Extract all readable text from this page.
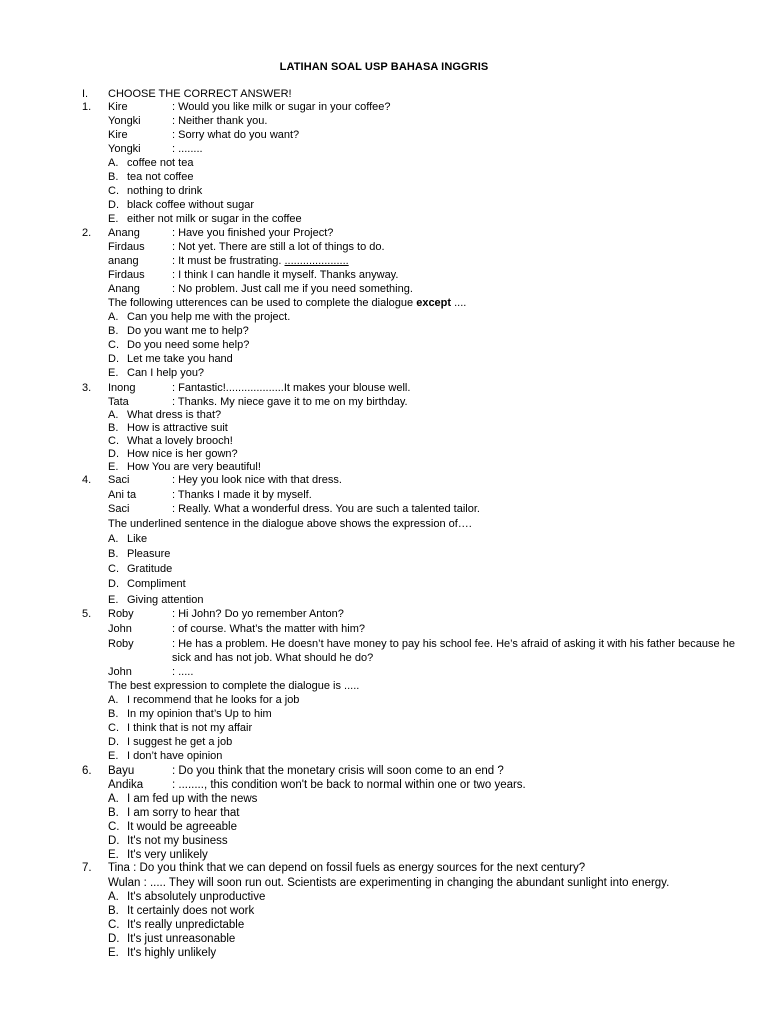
LATIHAN SOAL USP BAHASA INGGRIS
I. CHOOSE THE CORRECT ANSWER!
1. Kire	: Would you like milk or sugar in your coffee?
Yongki	: Neither thank you.
Kire	: Sorry what do you want?
Yongki	: ........
A. coffee not tea
B. tea not coffee
C. nothing to drink
D. black coffee without sugar
E. either not milk or sugar in the coffee
2. Anang	: Have you finished your Project?
Firdaus : Not yet. There are still a lot of things to do.
anang	: It must be frustrating. .....................
Firdaus : I think I can handle it myself. Thanks anyway.
Anang	: No problem. Just call me if you need something.
The following utterences can be used to complete the dialogue except ....
A. Can you help me with the project.
B. Do you want me to help?
C. Do you need some help?
D. Let me take you hand
E. Can I help you?
3. Inong	: Fantastic!...................It makes your blouse well.
Tata	: Thanks. My niece gave it to me on my birthday.
A. What dress is that?
B. How is attractive suit
C. What a lovely brooch!
D. How nice is her gown?
E. How You are very beautiful!
4. Saci	: Hey you look nice with that dress.
Ani ta	: Thanks I made it by myself.
Saci	: Really. What a wonderful dress. You are such a talented tailor.
The underlined sentence in the dialogue above shows the expression of….
A. Like
B. Pleasure
C. Gratitude
D. Compliment
E. Giving attention
5. Roby	: Hi John? Do yo remember Anton?
John	: of course. What’s the matter with him?
Roby	: He has a problem. He doesn’t have money to pay his school fee. He’s afraid of asking it with his father because he
sick and has not job. What should he do?
John	: .....
The best expression to complete the dialogue is .....
A. I recommend that he looks for a job
B. In my opinion that’s Up to him
C. I think that is not my affair
D. I suggest he get a job
E. I don’t have opinion
6. Bayu	: Do you think that the monetary crisis will soon come to an end ?
Andika	: ........, this condition won't be back to normal within one or two years.
A. I am fed up with the news
B. I am sorry to hear that
C. It would be agreeable
D. It's not my business
E. It's very unlikely
7. Tina : Do you think that we can depend on fossil fuels as energy sources for the next century?
Wulan : ..... They will soon run out. Scientists are experimenting in changing the abundant sunlight into energy.
A. It's absolutely unproductive
B. It certainly does not work
C. It's really unpredictable
D. It's just unreasonable
E. It's highly unlikely
